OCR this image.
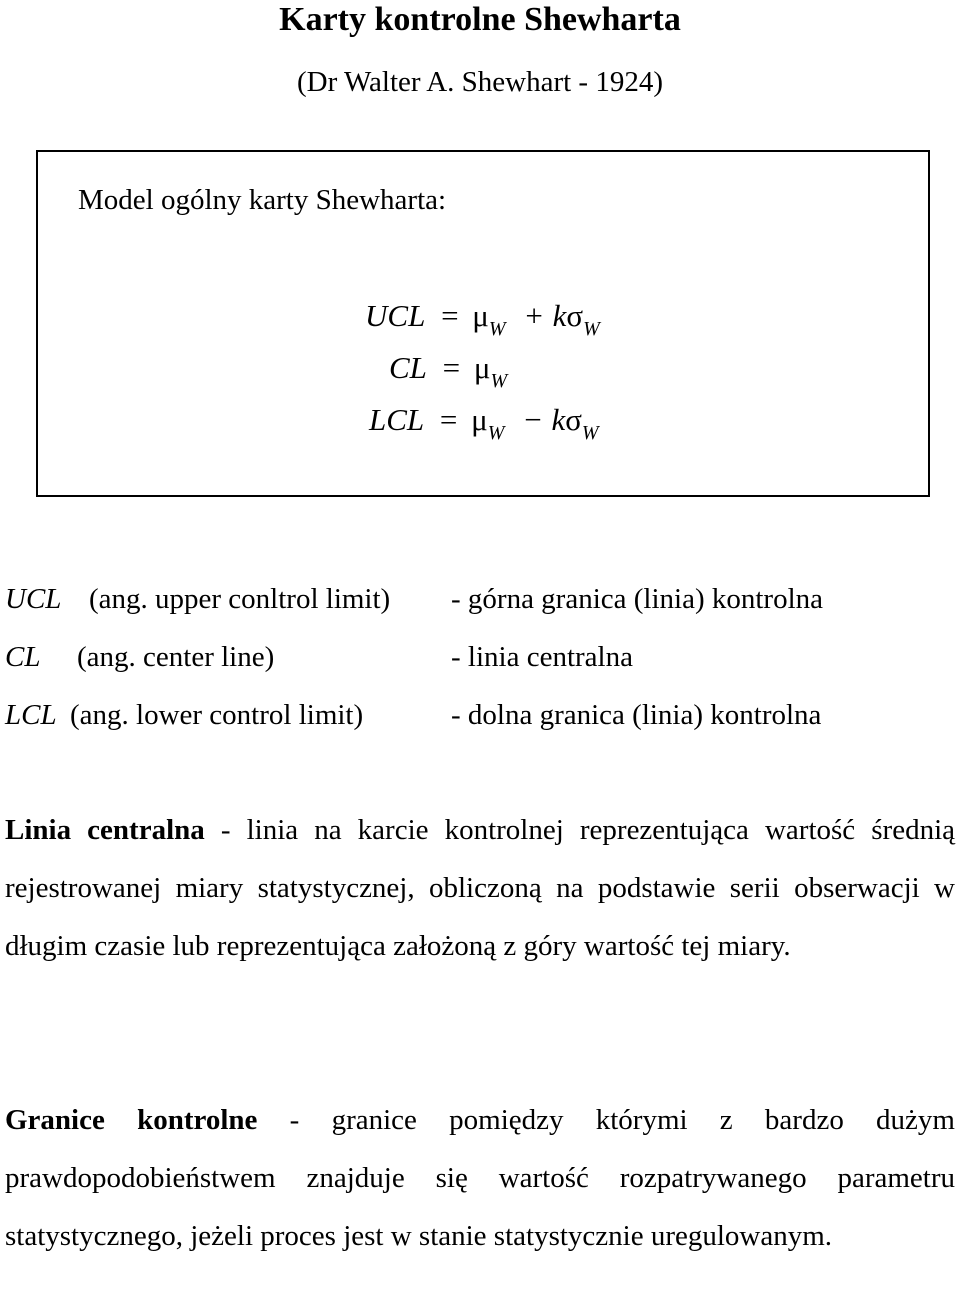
Karty kontrolne Shewharta
(Dr Walter A. Shewhart - 1924)
Model ogólny karty Shewharta:
UCL = $\mu_W + k\sigma_W$
CL = $\mu_W$
LCL = $\mu_W - k\sigma_W$
UCL (ang. upper conltrol limit) - górna granica (linia) kontrolna
CL (ang. center line)	- linia centralna
LCL (ang. lower control limit)	- dolna granica (linia) kontrolna
Linia centralna - linia na karcie kontrolnej reprezentująca wartość średnią rejestrowanej miary statystycznej, obliczoną na podstawie serii obserwacji w długim czasie lub reprezentująca założoną z góry wartość tej miary.
Granice kontrolne - granice pomiędzy którymi z bardzo dużym prawdopodobieństwem znajduje się wartość rozpatrywanego parametru statystycznego, jeżeli proces jest w stanie statystycznie uregulowanym.
